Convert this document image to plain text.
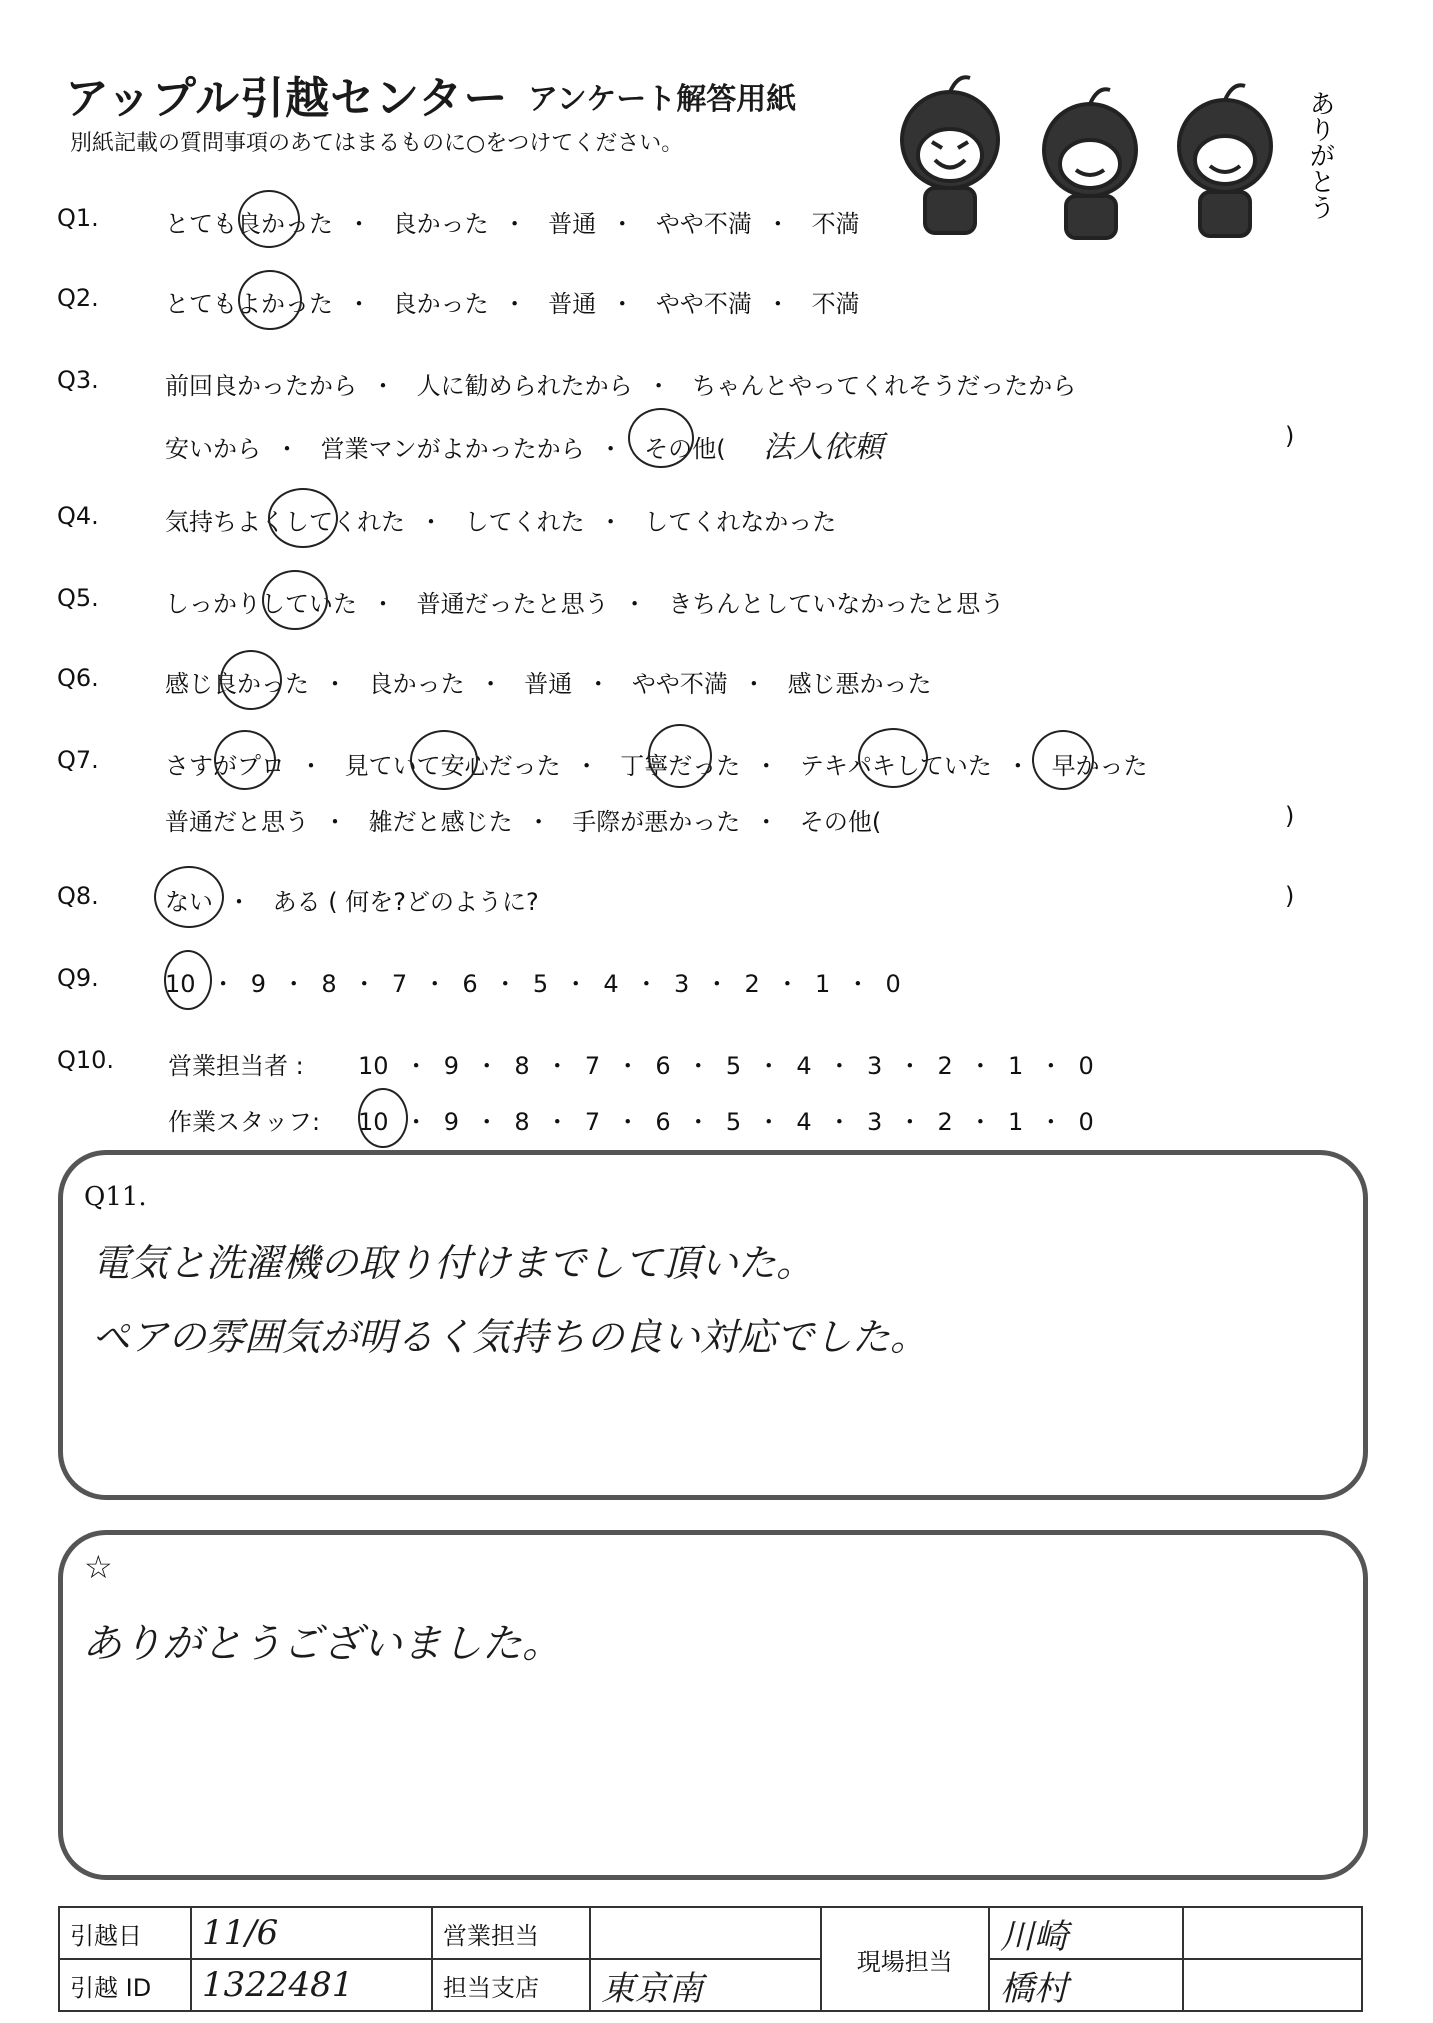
アップル引越センター アンケート解答用紙
別紙記載の質問事項のあてはまるものに○をつけてください。	ありがとう
Q1.	とても良かった ・ 良かった ・ 普通 ・ やや不満 ・ 不満
Q2.	とてもよかった ・ 良かった ・ 普通 ・ やや不満 ・ 不満
Q3.	前回良かったから ・ 人に勧められたから ・ ちゃんとやってくれそうだったから
安いから ・ 営業マンがよかったから ・ その他( 法人依頼	)
Q4.	気持ちよくしてくれた ・ してくれた ・ してくれなかった
Q5.	しっかりしていた ・ 普通だったと思う ・ きちんとしていなかったと思う
Q6.	感じ良かった ・ 良かった ・ 普通 ・ やや不満 ・ 感じ悪かった
Q7.	さすがプロ ・ 見ていて安心だった ・ 丁寧だった ・ テキパキしていた ・ 早かった
普通だと思う ・ 雑だと感じた ・ 手際が悪かった ・ その他(	)
Q8.	ない ・ ある ( 何を?どのように?	)
Q9.	10 ・ 9 ・ 8 ・ 7 ・ 6 ・ 5 ・ 4 ・ 3 ・ 2 ・ 1 ・ 0
Q10. 営業担当者 : 10 ・ 9 ・ 8 ・ 7 ・ 6 ・ 5 ・ 4 ・ 3 ・ 2 ・ 1 ・ 0
作業スタッフ: 10 ・ 9 ・ 8 ・ 7 ・ 6 ・ 5 ・ 4 ・ 3 ・ 2 ・ 1 ・ 0
Q11.
電気と洗濯機の取り付けまでして頂いた。
ペアの雰囲気が明るく気持ちの良い対応でした。
☆
ありがとうございました。
引越日	11/6	営業担当		現場担当	川崎	
引越 ID	1322481	担当支店	東京南		橋村	
